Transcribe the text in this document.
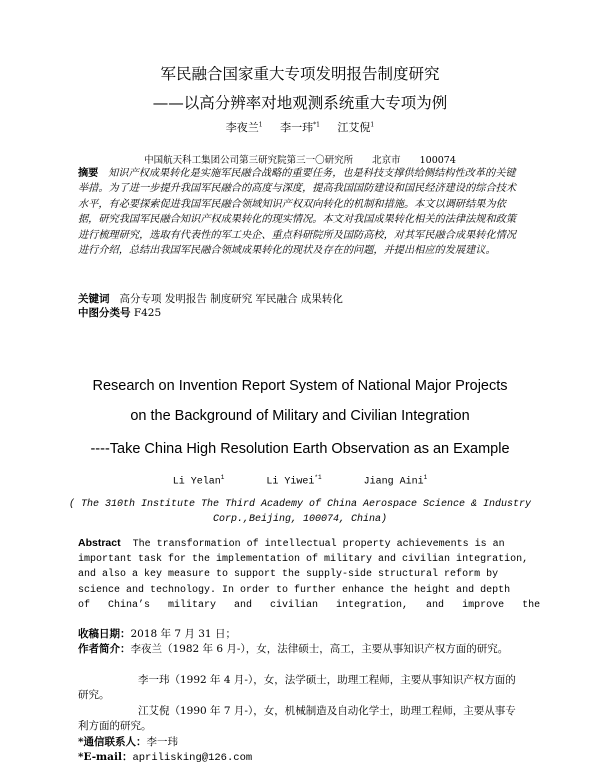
军民融合国家重大专项发明报告制度研究
——以高分辨率对地观测系统重大专项为例
李夜兰$^1$ 李一玮$^{*1}$ 江艾倪$^1$
中国航天科工集团公司第三研究院第三一〇研究所　　北京市　　100074
摘要 知识产权成果转化是实施军民融合战略的重要任务，也是科技支撑供给侧结构性改革的关键举措。为了进一步提升我国军民融合的高度与深度，提高我国国防建设和国民经济建设的综合技术水平，有必要探索促进我国军民融合领域知识产权双向转化的机制和措施。本文以调研结果为依据，研究我国军民融合知识产权成果转化的现实情况。本文对我国成果转化相关的法律法规和政策进行梳理研究，选取有代表性的军工央企、重点科研院所及国防高校，对其军民融合成果转化情况进行介绍，总结出我国军民融合领域成果转化的现状及存在的问题，并提出相应的发展建议。
关键词 高分专项 发明报告 制度研究 军民融合 成果转化
中图分类号 F425
Research on Invention Report System of National Major Projects
on the Background of Military and Civilian Integration
----Take China High Resolution Earth Observation as an Example
Li Yelan$^1$	Li Yiwei$^{*1}$	Jiang Aini$^1$
( The 310th Institute The Third Academy of China Aerospace Science & Industry
Corp.,Beijing, 100074, China)
Abstract The transformation of intellectual property achievements is an
important task for the implementation of military and civilian integration,
and also a key measure to support the supply-side structural reform by
science and technology. In order to further enhance the height and depth
of   China’s   military   and   civilian   integration,   and   improve   the
收稿日期：2018 年 7 月 31 日；
作者简介：李夜兰（1982 年 6 月-），女，法律硕士，高工，主要从事知识产权方面的研究。
李一玮（1992 年 4 月-），女，法学硕士，助理工程师，主要从事知识产权方面的研究。
江艾倪（1990 年 7 月-），女，机械制造及自动化学士，助理工程师，主要从事专利方面的研究。
*通信联系人：李一玮
*E-mail：aprilisking@126.com
